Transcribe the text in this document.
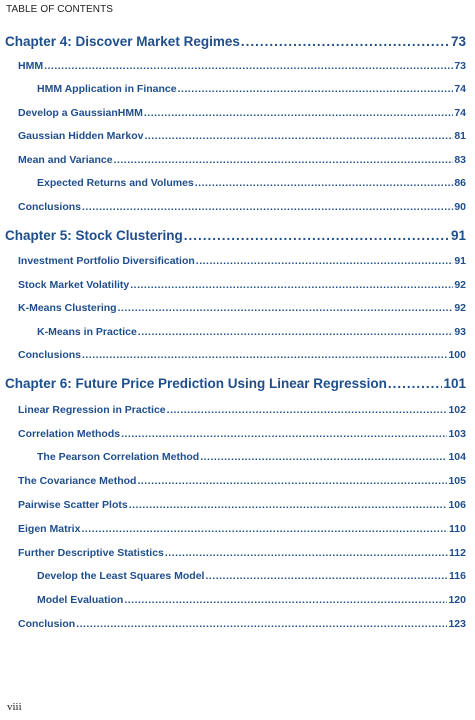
TABLE OF CONTENTS
Chapter 4: Discover Market Regimes .....	73
HMM .....	73
HMM Application in Finance .....	74
Develop a GaussianHMM .....	74
Gaussian Hidden Markov .....	81
Mean and Variance .....	83
Expected Returns and Volumes .....	86
Conclusions .....	90
Chapter 5: Stock Clustering .....	91
Investment Portfolio Diversification .....	91
Stock Market Volatility .....	92
K-Means Clustering .....	92
K-Means in Practice .....	93
Conclusions .....	100
Chapter 6: Future Price Prediction Using Linear Regression .....	101
Linear Regression in Practice .....	102
Correlation Methods .....	103
The Pearson Correlation Method .....	104
The Covariance Method .....	105
Pairwise Scatter Plots .....	106
Eigen Matrix .....	110
Further Descriptive Statistics .....	112
Develop the Least Squares Model .....	116
Model Evaluation .....	120
Conclusion .....	123
viii
